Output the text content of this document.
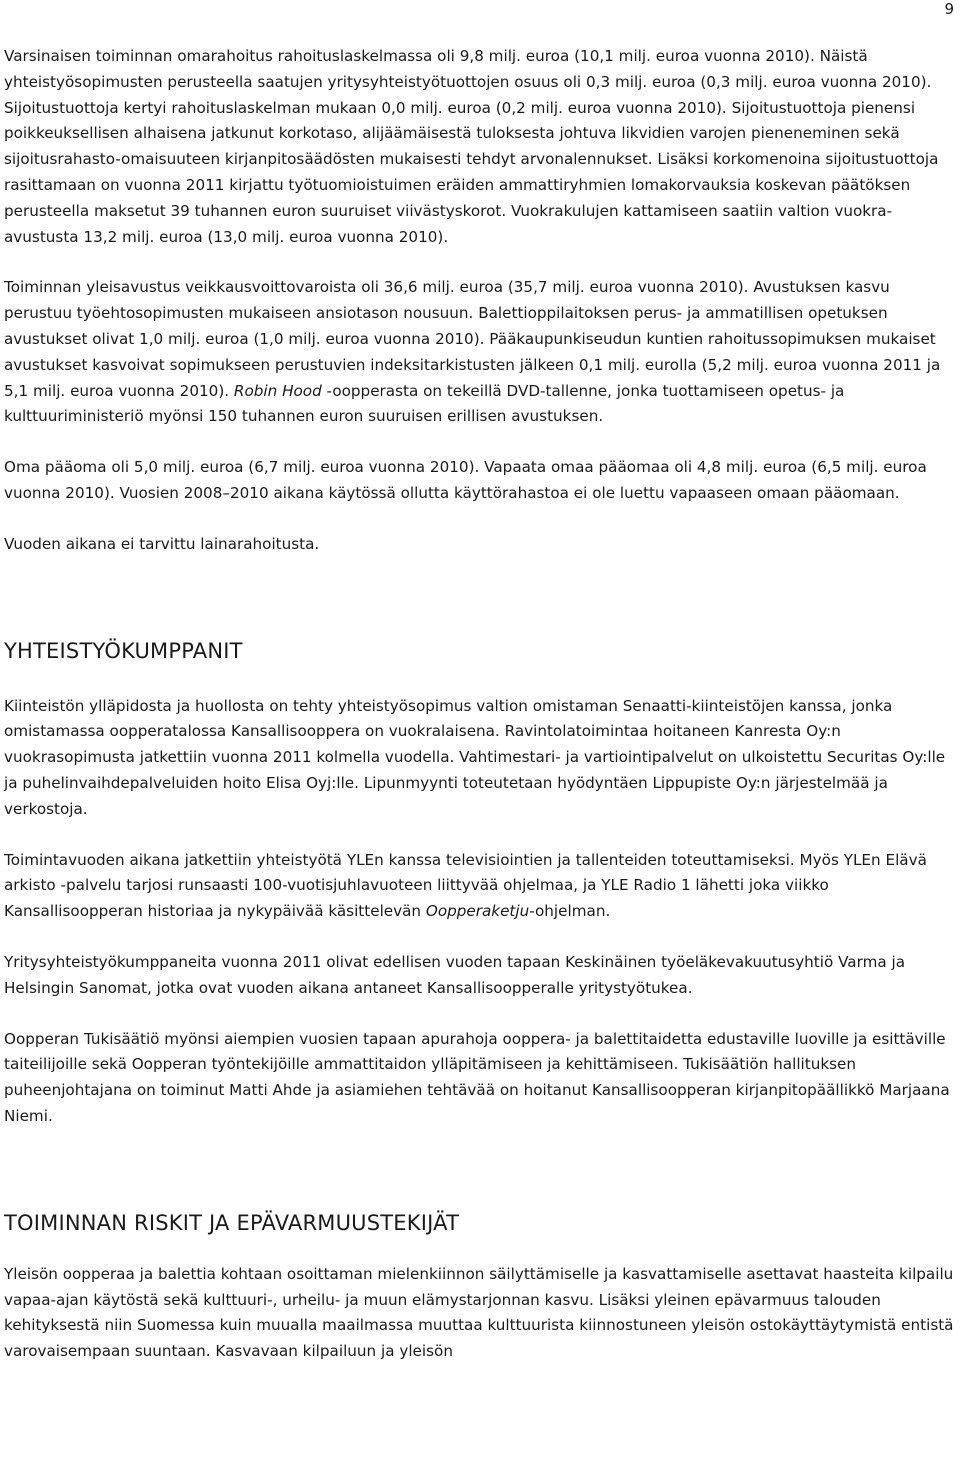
9

Varsinaisen toiminnan omarahoitus rahoituslaskelmassa oli 9,8 milj. euroa (10,1 milj. euroa vuonna 2010). Näistä yhteistyösopimusten perusteella saatujen yritysyhteistyötuottojen osuus oli 0,3 milj. euroa (0,3 milj. euroa vuonna 2010). Sijoitustuottoja kertyi rahoituslaskelman mukaan 0,0 milj. euroa (0,2 milj. euroa vuonna 2010). Sijoitustuottoja pienensi poikkeuksellisen alhaisena jatkunut korkotaso, alijäämäisestä tuloksesta johtuva likvidien varojen pieneneminen sekä sijoitusrahasto-omaisuuteen kirjanpitosäädösten mukaisesti tehdyt arvonalennukset. Lisäksi korkomenoina sijoitustuottoja rasittamaan on vuonna 2011 kirjattu työtuomioistuimen eräiden ammattiryhmien lomakorvauksia koskevan päätöksen perusteella maksetut 39 tuhannen euron suuruiset viivästyskorot. Vuokrakulujen kattamiseen saatiin valtion vuokra-avustusta 13,2 milj. euroa (13,0 milj. euroa vuonna 2010).

Toiminnan yleisavustus veikkausvoittovaroista oli 36,6 milj. euroa (35,7 milj. euroa vuonna 2010). Avustuksen kasvu perustuu työehtosopimusten mukaiseen ansiotason nousuun. Balettioppilaitoksen perus- ja ammatillisen opetuksen avustukset olivat 1,0 milj. euroa (1,0 milj. euroa vuonna 2010). Pääkaupunkiseudun kuntien rahoitussopimuksen mukaiset avustukset kasvoivat sopimukseen perustuvien indeksitarkistusten jälkeen 0,1 milj. eurolla (5,2 milj. euroa vuonna 2011 ja 5,1 milj. euroa vuonna 2010). Robin Hood -oopperasta on tekeillä DVD-tallenne, jonka tuottamiseen opetus- ja kulttuuriministeriö myönsi 150 tuhannen euron suuruisen erillisen avustuksen.

Oma pääoma oli 5,0 milj. euroa (6,7 milj. euroa vuonna 2010). Vapaata omaa pääomaa oli 4,8 milj. euroa (6,5 milj. euroa vuonna 2010). Vuosien 2008–2010 aikana käytössä ollutta käyttörahastoa ei ole luettu vapaaseen omaan pääomaan.

Vuoden aikana ei tarvittu lainarahoitusta.

YHTEISTYÖKUMPPANIT

Kiinteistön ylläpidosta ja huollosta on tehty yhteistyösopimus valtion omistaman Senaatti-kiinteistöjen kanssa, jonka omistamassa oopperatalossa Kansallisooppera on vuokralaisena. Ravintolatoimintaa hoitaneen Kanresta Oy:n vuokrasopimusta jatkettiin vuonna 2011 kolmella vuodella. Vahtimestari- ja vartiointipalvelut on ulkoistettu Securitas Oy:lle ja puhelinvaihdepalveluiden hoito Elisa Oyj:lle. Lipunmyynti toteutetaan hyödyntäen Lippupiste Oy:n järjestelmää ja verkostoja.

Toimintavuoden aikana jatkettiin yhteistyötä YLEn kanssa televisiointien ja tallenteiden toteuttamiseksi. Myös YLEn Elävä arkisto -palvelu tarjosi runsaasti 100-vuotisjuhlavuoteen liittyvää ohjelmaa, ja YLE Radio 1 lähetti joka viikko Kansallisoopperan historiaa ja nykypäivää käsittelevän Oopperaketju-ohjelman.

Yritysyhteistyökumppaneita vuonna 2011 olivat edellisen vuoden tapaan Keskinäinen työeläkevakuutusyhtiö Varma ja Helsingin Sanomat, jotka ovat vuoden aikana antaneet Kansallisoopperalle yritystyötukea.

Oopperan Tukisäätiö myönsi aiempien vuosien tapaan apurahoja ooppera- ja balettitaidetta edustaville luoville ja esittäville taiteilijoille sekä Oopperan työntekijöille ammattitaidon ylläpitämiseen ja kehittämiseen. Tukisäätiön hallituksen puheenjohtajana on toiminut Matti Ahde ja asiamiehen tehtävää on hoitanut Kansallisoopperan kirjanpitopäällikkö Marjaana Niemi.

TOIMINNAN RISKIT JA EPÄVARMUUSTEKIJÄT

Yleisön oopperaa ja balettia kohtaan osoittaman mielenkiinnon säilyttämiselle ja kasvattamiselle asettavat haasteita kilpailu vapaa-ajan käytöstä sekä kulttuuri-, urheilu- ja muun elämystarjonnan kasvu. Lisäksi yleinen epävarmuus talouden kehityksestä niin Suomessa kuin muualla maailmassa muuttaa kulttuurista kiinnostuneen yleisön ostokäyttäytymistä entistä varovaisempaan suuntaan. Kasvavaan kilpailuun ja yleisön
